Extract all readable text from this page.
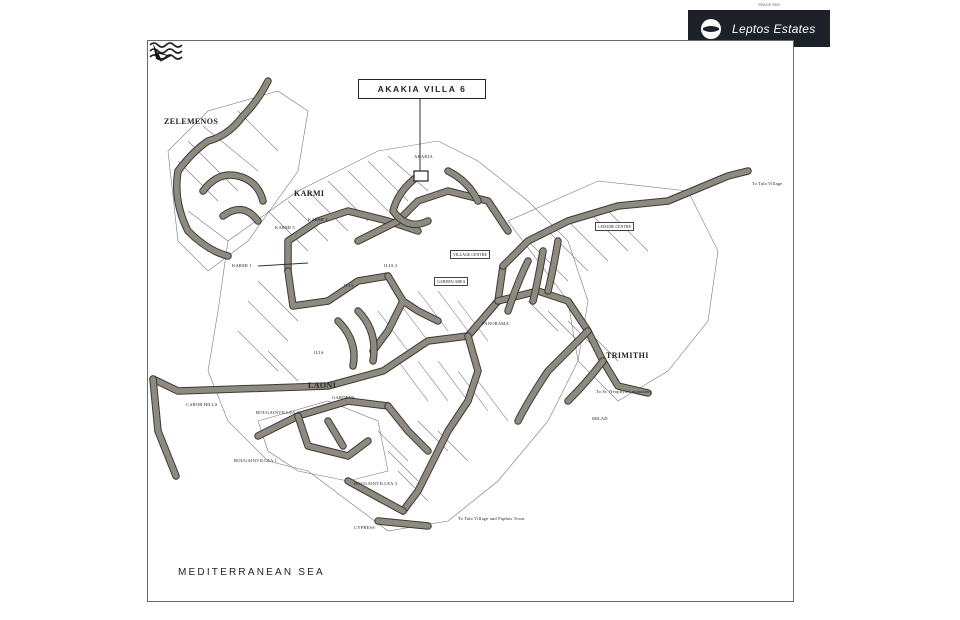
SPACE PAS
Leptos Estates
AKAKIA VILLA 6
ZELEMENOS
KARMI
TRIMITHI
LAONI
AKAKIA
KARMI 2
KARMI 3
KARMI 1	ILIA 2
ILIA
ILIA
PANORAMA
CAROB HILLS
BOUGAINVILLEA 2
BOUGAINVILLEA 1
BOUGAINVILLEA 3
CYPRESS
GARDENS
MILAD
LEISURE CENTRE
VILLAGE CENTRE
GARDEN AREA
To Tala Village
To St. Neophytos monastery
To Tala Village and Paphos Town
MEDITERRANEAN SEA
